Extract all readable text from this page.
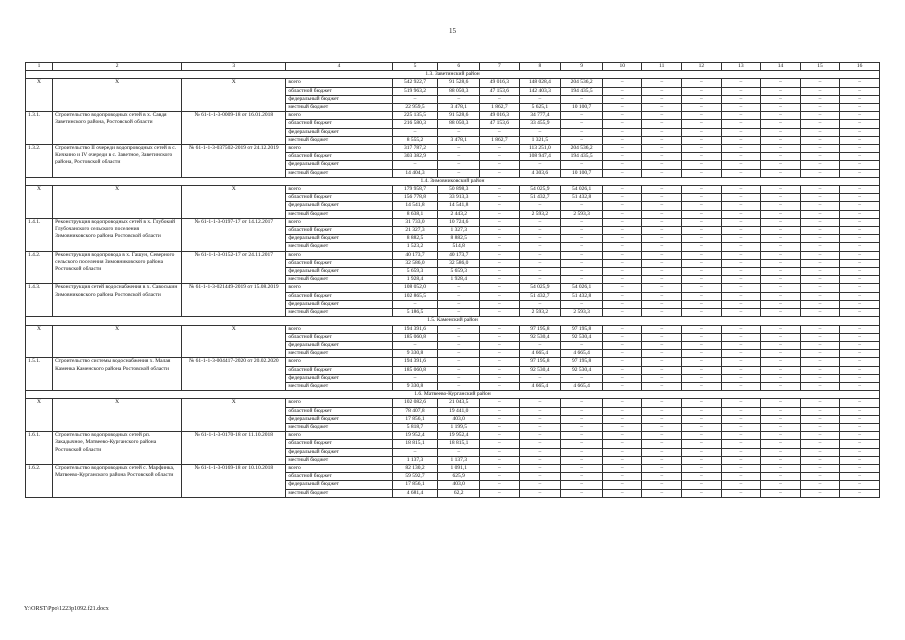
15
1	2	3	4	5	6	7	8	9	10	11	12	13	14	15	16
1.3. Заветинский район															
Х	Х	Х	всего	542 922,7	91 528,6	49 016,3	148 028,4	204 536,2	–	–	–	–	–	–	–
			областной бюджет	519 963,2	88 050,3	47 153,6	142 403,3	194 435,5	–	–	–	–	–	–	–
			федеральный бюджет	–	–	–	–	–	–	–	–	–	–	–	–
			местный бюджет	22 959,5	3 478,1	1 862,7	5 625,1	10 100,7	–	–	–	–	–	–	–
1.3.1.	Строительство водопроводных сетей в х. Савдя Заветинского района, Ростовской области	№ 61-1-1-3-0009-18 от 16.01.2018	всего	225 135,5	91 528,6	49 016,3	34 777,4	–	–	–	–	–	–	–	–
			областной бюджет	216 580,3	88 050,3	47 153,6	33 455,9	–	–	–	–	–	–	–	–
			федеральный бюджет	–	–	–	–	–	–	–	–	–	–	–	–
			местный бюджет	8 555,2	3 478,1	1 862,7	1 321,5	–	–	–	–	–	–	–	–
1.3.2.	Строительство II очереди водопроводных сетей в с. Кичкино и IV очереди в с. Заветное, Заветинского района, Ростовской области	№ 61-1-1-3-037502-2019 от 24.12.2019	всего	317 787,2	–	–	113 251,0	204 536,2	–	–	–	–	–	–	–
			областной бюджет	303 382,9	–	–	108 947,4	194 435,5	–	–	–	–	–	–	–
			федеральный бюджет	–	–	–	–	–	–	–	–	–	–	–	–
			местный бюджет	14 404,3	–	–	4 303,6	10 100,7	–	–	–	–	–	–	–
1.4. Зимовниковский район															
Х	Х	Х	всего	179 958,7	50 898,3	–	54 025,9	54 026,1	–	–	–	–	–	–	–
			областной бюджет	156 778,8	33 913,3	–	51 432,7	51 432,8	–	–	–	–	–	–	–
			федеральный бюджет	14 541,8	14 541,8	–	–	–	–	–	–	–	–	–	–
			местный бюджет	8 638,1	2 443,2	–	2 593,2	2 593,3	–	–	–	–	–	–	–
1.4.1.	Реконструкция водопроводных сетей в х. Глубокий Глубочанского сельского поселения Зимовниковского района Ростовской области	№ 61-1-1-3-0197-17 от 14.12.2017	всего	31 733,0	10 724,6	–	–	–	–	–	–	–	–	–	–
			областной бюджет	21 327,3	1 327,3	–	–	–	–	–	–	–	–	–	–
			федеральный бюджет	8 882,5	8 882,5	–	–	–	–	–	–	–	–	–	–
			местный бюджет	1 523,2	514,8	–	–	–	–	–	–	–	–	–	–
1.4.2.	Реконструкция водопровода в х. Гашун, Северного сельского поселения Зимовниковского района Ростовской области	№ 61-1-1-3-0152-17 от 24.11.2017	всего	40 173,7	40 173,7	–	–	–	–	–	–	–	–	–	–
			областной бюджет	32 586,0	32 586,0	–	–	–	–	–	–	–	–	–	–
			федеральный бюджет	5 659,3	5 659,3	–	–	–	–	–	–	–	–	–	–
			местный бюджет	1 928,4	1 928,4	–	–	–	–	–	–	–	–	–	–
1.4.3.	Реконструкция сетей водоснабжения в х. Савоськин Зимовниковского района Ростовской области	№ 61-1-1-3-021449-2019 от 15.08.2019	всего	108 052,0	–	–	54 025,9	54 026,1	–	–	–	–	–	–	–
			областной бюджет	102 865,5	–	–	51 432,7	51 432,8	–	–	–	–	–	–	–
			федеральный бюджет	–	–	–	–	–	–	–	–	–	–	–	–
			местный бюджет	5 186,5	–	–	2 593,2	2 593,3	–	–	–	–	–	–	–
1.5. Каменский район															
Х	Х	Х	всего	194 391,6	–	–	97 195,8	97 195,8	–	–	–	–	–	–	–
			областной бюджет	185 060,8	–	–	92 530,4	92 530,4	–	–	–	–	–	–	–
			федеральный бюджет	–	–	–	–	–	–	–	–	–	–	–	–
			местный бюджет	9 330,8	–	–	4 665,4	4 665,4	–	–	–	–	–	–	–
1.5.1.	Строительство системы водоснабжения х. Малая Каменка Каменского района Ростовской области	№ 61-1-1-3-004417-2020 от 20.02.2020	всего	194 391,6	–	–	97 195,8	97 195,8	–	–	–	–	–	–	–
			областной бюджет	185 060,8	–	–	92 530,4	92 530,4	–	–	–	–	–	–	–
			федеральный бюджет	–	–	–	–	–	–	–	–	–	–	–	–
			местный бюджет	9 330,8	–	–	4 665,4	4 665,4	–	–	–	–	–	–	–
1.6. Матвеево-Курганский район															
Х	Х	Х	всего	102 082,6	21 043,5	–	–	–	–	–	–	–	–	–	–
			областной бюджет	78 407,8	19 441,0	–	–	–	–	–	–	–	–	–	–
			федеральный бюджет	17 856,1	403,0	–	–	–	–	–	–	–	–	–	–
			местный бюджет	5 818,7	1 199,5	–	–	–	–	–	–	–	–	–	–
1.6.1.	Строительство водопроводных сетей рп. Закадычное, Матвеево-Курганского района Ростовской области	№ 61-1-1-3-0170-18 от 11.10.2018	всего	19 952,4	19 952,4	–	–	–	–	–	–	–	–	–	–
			областной бюджет	18 815,1	18 815,1	–	–	–	–	–	–	–	–	–	–
			федеральный бюджет	–	–	–	–	–	–	–	–	–	–	–	–
			местный бюджет	1 137,3	1 137,3	–	–	–	–	–	–	–	–	–	–
1.6.2.	Строительство водопроводных сетей с. Марфинка, Матвеево-Курганского района Ростовской области	№ 61-1-1-3-0169-18 от 10.10.2018	всего	82 130,2	1 091,1	–	–	–	–	–	–	–	–	–	–
			областной бюджет	59 592,7	625,9	–	–	–	–	–	–	–	–	–	–
			федеральный бюджет	17 856,1	403,0	–	–	–	–	–	–	–	–	–	–
			местный бюджет	4 681,4	62,2	–	–	–	–	–	–	–	–	–	–
Y:\ORST\Ppo\1223p1092.f21.docx
